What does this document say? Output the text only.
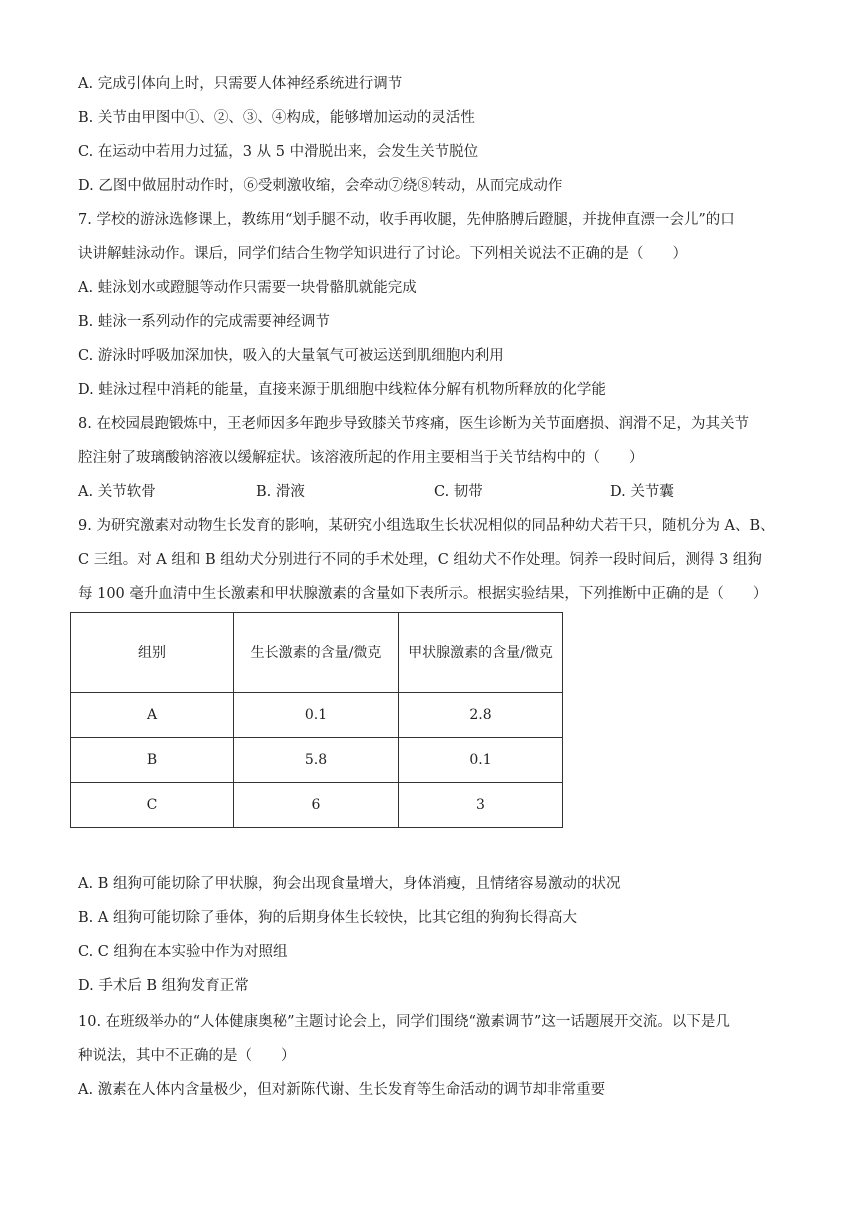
A. 完成引体向上时，只需要人体神经系统进行调节
B. 关节由甲图中①、②、③、④构成，能够增加运动的灵活性
C. 在运动中若用力过猛，3 从 5 中滑脱出来，会发生关节脱位
D. 乙图中做屈肘动作时，⑥受刺激收缩，会牵动⑦绕⑧转动，从而完成动作
7. 学校的游泳选修课上，教练用“划手腿不动，收手再收腿，先伸胳膊后蹬腿，并拢伸直漂一会儿”的口
诀讲解蛙泳动作。课后，同学们结合生物学知识进行了讨论。下列相关说法不正确的是（　　）
A. 蛙泳划水或蹬腿等动作只需要一块骨骼肌就能完成
B. 蛙泳一系列动作的完成需要神经调节
C. 游泳时呼吸加深加快，吸入的大量氧气可被运送到肌细胞内利用
D. 蛙泳过程中消耗的能量，直接来源于肌细胞中线粒体分解有机物所释放的化学能
8. 在校园晨跑锻炼中，王老师因多年跑步导致膝关节疼痛，医生诊断为关节面磨损、润滑不足，为其关节
腔注射了玻璃酸钠溶液以缓解症状。该溶液所起的作用主要相当于关节结构中的（　　）
A. 关节软骨	B. 滑液	C. 韧带	D. 关节囊
9. 为研究激素对动物生长发育的影响，某研究小组选取生长状况相似的同品种幼犬若干只，随机分为 A、B、
C 三组。对 A 组和 B 组幼犬分别进行不同的手术处理，C 组幼犬不作处理。饲养一段时间后，测得 3 组狗
每 100 毫升血清中生长激素和甲状腺激素的含量如下表所示。根据实验结果，下列推断中正确的是（　　）
组别	生长激素的含量/微克	甲状腺激素的含量/微克
A	0.1	2.8
B	5.8	0.1
C	6	3
A. B 组狗可能切除了甲状腺，狗会出现食量增大，身体消瘦，且情绪容易激动的状况
B. A 组狗可能切除了垂体，狗的后期身体生长较快，比其它组的狗狗长得高大
C. C 组狗在本实验中作为对照组
D. 手术后 B 组狗发育正常
10. 在班级举办的“人体健康奥秘”主题讨论会上，同学们围绕“激素调节”这一话题展开交流。以下是几
种说法，其中不正确的是（　　）
A. 激素在人体内含量极少，但对新陈代谢、生长发育等生命活动的调节却非常重要
